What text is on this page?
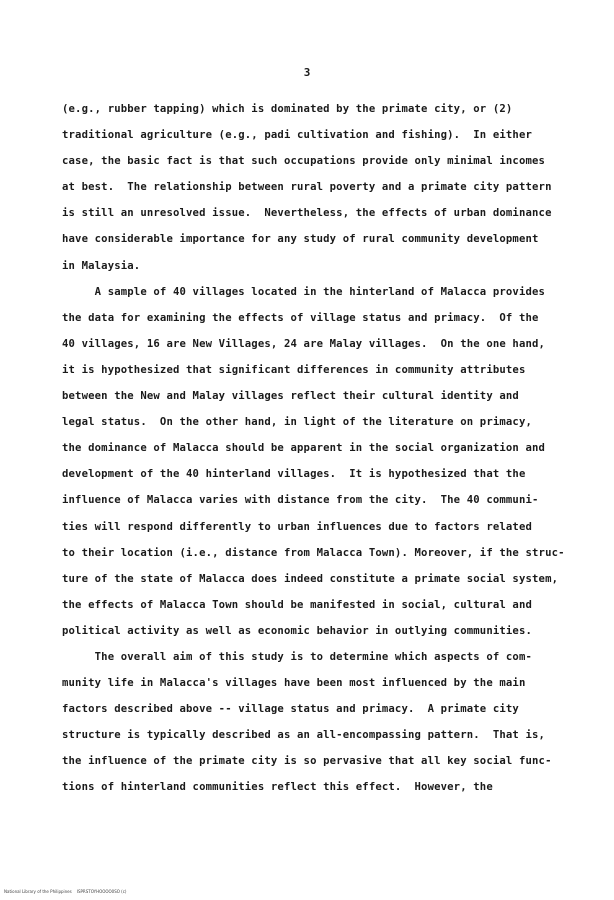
3
(e.g., rubber tapping) which is dominated by the primate city, or (2)
traditional agriculture (e.g., padi cultivation and fishing).  In either
case, the basic fact is that such occupations provide only minimal incomes
at best.  The relationship between rural poverty and a primate city pattern
is still an unresolved issue.  Nevertheless, the effects of urban dominance
have considerable importance for any study of rural community development
in Malaysia.
A sample of 40 villages located in the hinterland of Malacca provides
the data for examining the effects of village status and primacy.  Of the
40 villages, 16 are New Villages, 24 are Malay villages.  On the one hand,
it is hypothesized that significant differences in community attributes
between the New and Malay villages reflect their cultural identity and
legal status.  On the other hand, in light of the literature on primacy,
the dominance of Malacca should be apparent in the social organization and
development of the 40 hinterland villages.  It is hypothesized that the
influence of Malacca varies with distance from the city.  The 40 communi-
ties will respond differently to urban influences due to factors related
to their location (i.e., distance from Malacca Town). Moreover, if the struc-
ture of the state of Malacca does indeed constitute a primate social system,
the effects of Malacca Town should be manifested in social, cultural and
political activity as well as economic behavior in outlying communities.
The overall aim of this study is to determine which aspects of com-
munity life in Malacca's villages have been most influenced by the main
factors described above -- village status and primacy.  A primate city
structure is typically described as an all-encompassing pattern.  That is,
the influence of the primate city is so pervasive that all key social func-
tions of hinterland communities reflect this effect.  However, the
National Library of the Philippines    ISPRSTOYHOOOO0SO (c)
